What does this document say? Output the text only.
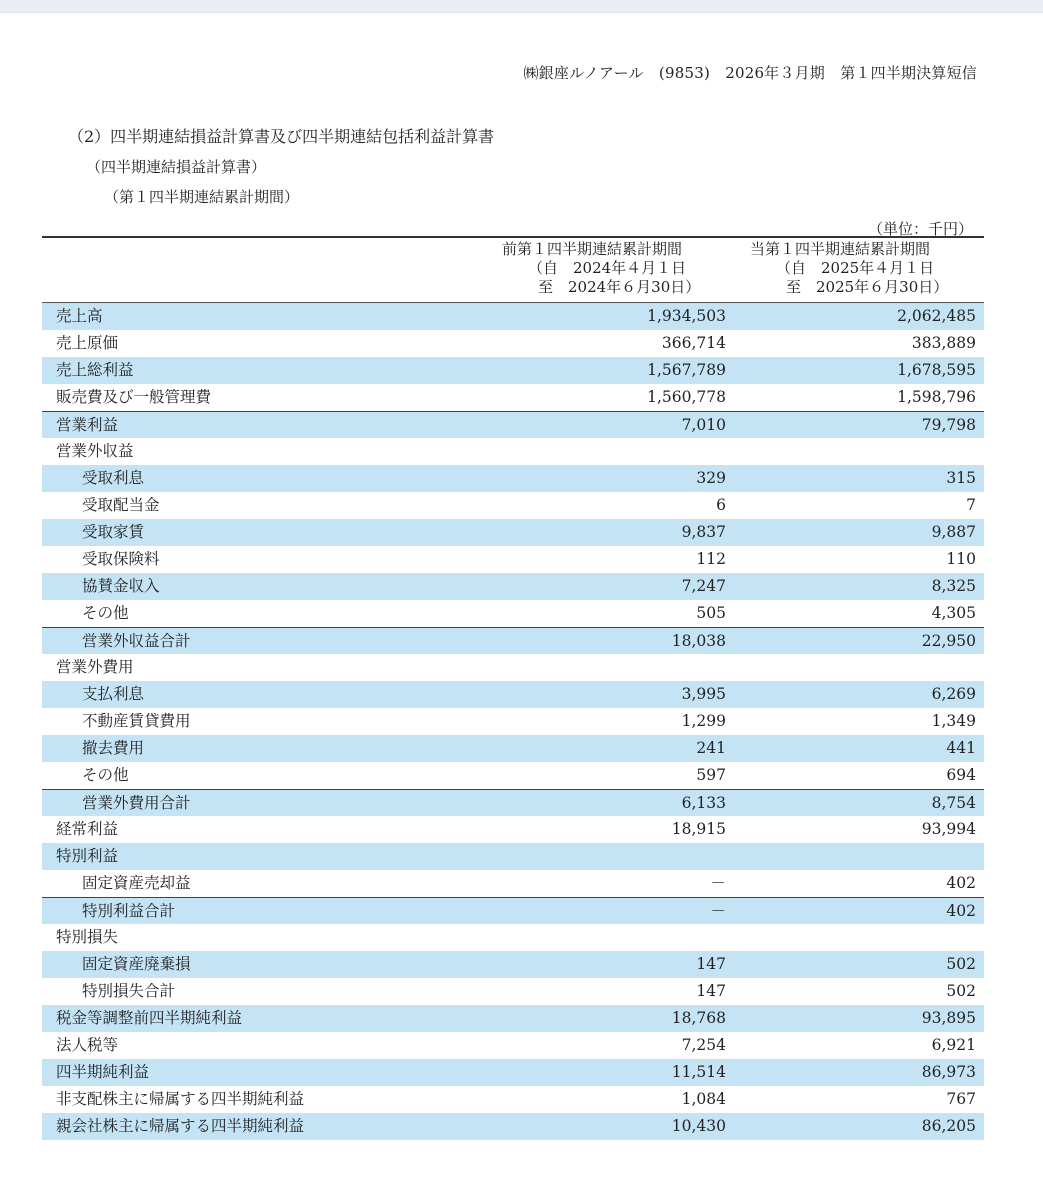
㈱銀座ルノアール　(9853)　2026年３月期　第１四半期決算短信
（2）四半期連結損益計算書及び四半期連結包括利益計算書
（四半期連結損益計算書）
（第１四半期連結累計期間）
（単位：千円）
前第１四半期連結累計期間
（自　2024年４月１日
至　2024年６月30日）
当第１四半期連結累計期間
（自　2025年４月１日
至　2025年６月30日）
売上高	1,934,503	2,062,485
売上原価	366,714	383,889
売上総利益	1,567,789	1,678,595
販売費及び一般管理費	1,560,778	1,598,796
営業利益	7,010	79,798
営業外収益
受取利息	329	315
受取配当金	6	7
受取家賃	9,837	9,887
受取保険料	112	110
協賛金収入	7,247	8,325
その他	505	4,305
営業外収益合計	18,038	22,950
営業外費用
支払利息	3,995	6,269
不動産賃貸費用	1,299	1,349
撤去費用	241	441
その他	597	694
営業外費用合計	6,133	8,754
経常利益	18,915	93,994
特別利益
固定資産売却益	－	402
特別利益合計	－	402
特別損失
固定資産廃棄損	147	502
特別損失合計	147	502
税金等調整前四半期純利益	18,768	93,895
法人税等	7,254	6,921
四半期純利益	11,514	86,973
非支配株主に帰属する四半期純利益	1,084	767
親会社株主に帰属する四半期純利益	10,430	86,205
